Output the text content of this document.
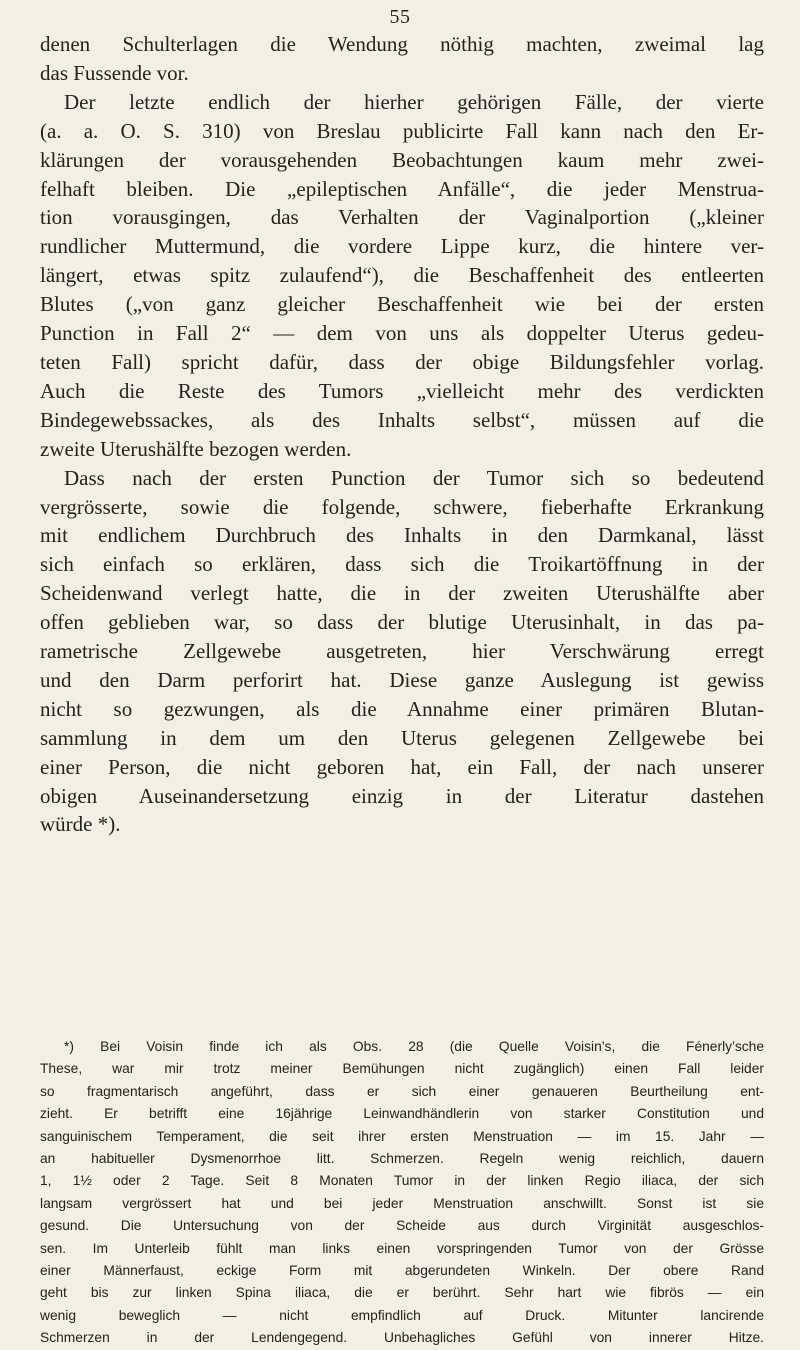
55
denen Schulterlagen die Wendung nöthig machten, zweimal lag
das Fussende vor.
Der letzte endlich der hierher gehörigen Fälle, der vierte
(a. a. O. S. 310) von Breslau publicirte Fall kann nach den Er-
klärungen der vorausgehenden Beobachtungen kaum mehr zwei-
felhaft bleiben. Die „epileptischen Anfälle“, die jeder Menstrua-
tion vorausgingen, das Verhalten der Vaginalportion („kleiner
rundlicher Muttermund, die vordere Lippe kurz, die hintere ver-
längert, etwas spitz zulaufend“), die Beschaffenheit des entleerten
Blutes („von ganz gleicher Beschaffenheit wie bei der ersten
Punction in Fall 2“ — dem von uns als doppelter Uterus gedeu-
teten Fall) spricht dafür, dass der obige Bildungsfehler vorlag.
Auch die Reste des Tumors „vielleicht mehr des verdickten
Bindegewebssackes, als des Inhalts selbst“, müssen auf die
zweite Uterushälfte bezogen werden.
Dass nach der ersten Punction der Tumor sich so bedeutend
vergrösserte, sowie die folgende, schwere, fieberhafte Erkrankung
mit endlichem Durchbruch des Inhalts in den Darmkanal, lässt
sich einfach so erklären, dass sich die Troikartöffnung in der
Scheidenwand verlegt hatte, die in der zweiten Uterushälfte aber
offen geblieben war, so dass der blutige Uterusinhalt, in das pa-
rametrische Zellgewebe ausgetreten, hier Verschwärung erregt
und den Darm perforirt hat. Diese ganze Auslegung ist gewiss
nicht so gezwungen, als die Annahme einer primären Blutan-
sammlung in dem um den Uterus gelegenen Zellgewebe bei
einer Person, die nicht geboren hat, ein Fall, der nach unserer
obigen Auseinandersetzung einzig in der Literatur dastehen
würde *).
*) Bei Voisin finde ich als Obs. 28 (die Quelle Voisin’s, die Fénerly’sche
These, war mir trotz meiner Bemühungen nicht zugänglich) einen Fall leider
so fragmentarisch angeführt, dass er sich einer genaueren Beurtheilung ent-
zieht. Er betrifft eine 16jährige Leinwandhändlerin von starker Constitution und
sanguinischem Temperament, die seit ihrer ersten Menstruation — im 15. Jahr —
an habitueller Dysmenorrhoe litt. Schmerzen. Regeln wenig reichlich, dauern
1, 1½ oder 2 Tage. Seit 8 Monaten Tumor in der linken Regio iliaca, der sich
langsam vergrössert hat und bei jeder Menstruation anschwillt. Sonst ist sie
gesund. Die Untersuchung von der Scheide aus durch Virginität ausgeschlos-
sen. Im Unterleib fühlt man links einen vorspringenden Tumor von der Grösse
einer Männerfaust, eckige Form mit abgerundeten Winkeln. Der obere Rand
geht bis zur linken Spina iliaca, die er berührt. Sehr hart wie fibrös — ein
wenig beweglich — nicht empfindlich auf Druck. Mitunter lancirende
Schmerzen in der Lendengegend. Unbehagliches Gefühl von innerer Hitze.
